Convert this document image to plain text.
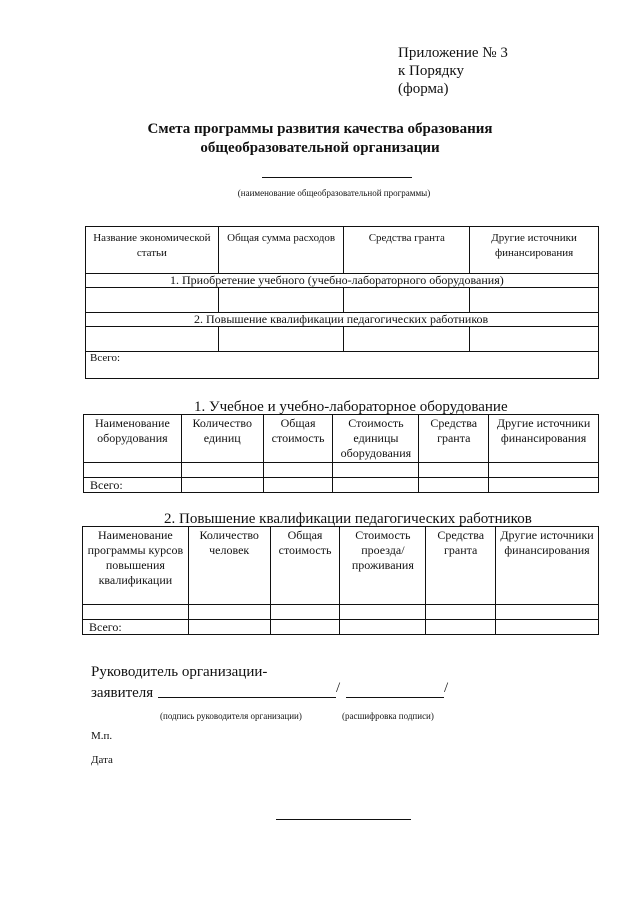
Приложение № 3
к Порядку
(форма)
Смета программы развития качества образования
общеобразовательной организации
(наименование общеобразовательной программы)
Название экономической статьи	Общая сумма расходов	Средства гранта	Другие источники финансирования
1. Приобретение учебного (учебно-лабораторного оборудования)			

2. Повышение квалификации педагогических работников			

Всего:			
1. Учебное и учебно-лабораторное оборудование
Наименование оборудования	Количество единиц	Общая стоимость	Стоимость единицы оборудования	Средства гранта	Другие источники финансирования

Всего:					
2. Повышение квалификации педагогических работников
Наименование программы курсов повышения квалификации	Количество человек	Общая стоимость	Стоимость проезда/ проживания	Средства гранта	Другие источники финансирования

Всего:					
Руководитель организации-
заявителя	/	/
(подпись руководителя организации)	(расшифровка подписи)
М.п.
Дата
